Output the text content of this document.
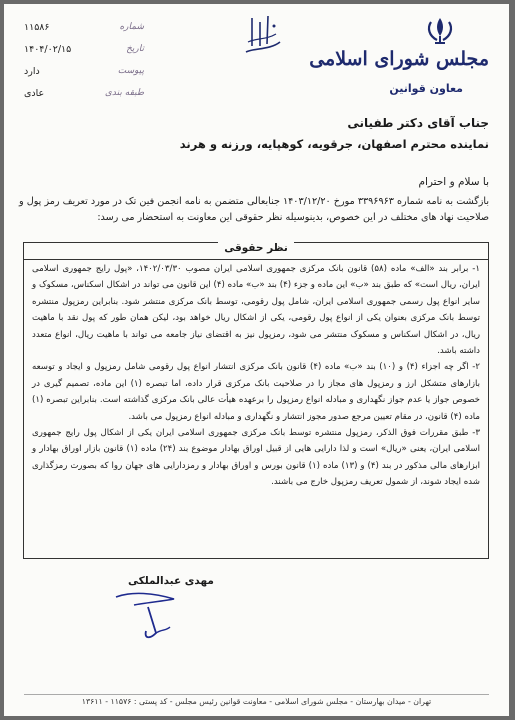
مجلس شورای اسلامی
معاون قوانین
شماره
۱۱۵۸۶
تاریخ
۱۴۰۴/۰۲/۱۵
پیوست
دارد
طبقه بندی
عادی
جناب آقای دکتر طفیانی
نماینده محترم اصفهان، جرقویه، کوهپایه، ورزنه و هرند
با سلام و احترام

بازگشت به نامه شماره ۳۳۹۶۹۶۳ مورخ ۱۴۰۳/۱۲/۲۰ جنابعالی متضمن به نامه انجمن فین تک در مورد تعریف رمز پول و صلاحیت نهاد های مختلف در این خصوص، بدینوسیله نظر حقوقی این معاونت به استحضار می رسد:

نظر حقوقی

۱- برابر بند «الف» ماده (۵۸) قانون بانک مرکزی جمهوری اسلامی ایران مصوب ۱۴۰۲/۰۳/۳۰، «پول رایج جمهوری اسلامی ایران، ریال است» که طبق بند «ب» این ماده و جزء (۴) بند «ب» ماده (۴) این قانون می تواند در اشکال اسکناس، مسکوک و سایر انواع پول رسمی جمهوری اسلامی ایران، شامل پول رقومی، توسط بانک مرکزی منتشر شود. بنابراین رمزپول منتشره توسط بانک مرکزی بعنوان یکی از انواع پول رقومی، یکی از اشکال ریال خواهد بود، لیکن همان طور که پول نقد با ماهیت ریال، در اشکال اسکناس و مسکوک منتشر می شود، رمزپول نیز به اقتضای نیاز جامعه می تواند با ماهیت ریال، انواع متعدد داشته باشد.

۲- اگر چه اجزاء (۴) و (۱۰) بند «ب» ماده (۴) قانون بانک مرکزی انتشار انواع پول رقومی شامل رمزپول و ایجاد و توسعه بازارهای متشکل ارز و رمزپول های مجاز را در صلاحیت بانک مرکزی قرار داده، اما تبصره (۱) این ماده، تصمیم گیری در خصوص جواز یا عدم جواز نگهداری و مبادله انواع رمزپول را برعهده هیأت عالی بانک مرکزی گذاشته است. بنابراین تبصره (۱) ماده (۴) قانون، در مقام تعیین مرجع صدور مجوز انتشار و نگهداری و مبادله انواع رمزپول می باشد.

۳- طبق مقررات فوق الذکر، رمزپول منتشره توسط بانک مرکزی جمهوری اسلامی ایران یکی از اشکال پول رایج جمهوری اسلامی ایران، یعنی «ریال» است و لذا دارایی هایی از قبیل اوراق بهادار موضوع بند (۲۴) ماده (۱) قانون بازار اوراق بهادار و ابزارهای مالی مذکور در بند (۴) و (۱۳) ماده (۱) قانون بورس و اوراق بهادار و رمزدارایی های جهان روا که بصورت رمزگذاری شده ایجاد شوند، از شمول تعریف رمزپول خارج می باشند.

مهدی عبدالملکی
تهران - میدان بهارستان - مجلس شورای اسلامی - معاونت قوانین رئیس مجلس - کد پستی : ۱۱۵۷۶ - ۱۳۶۱۱
